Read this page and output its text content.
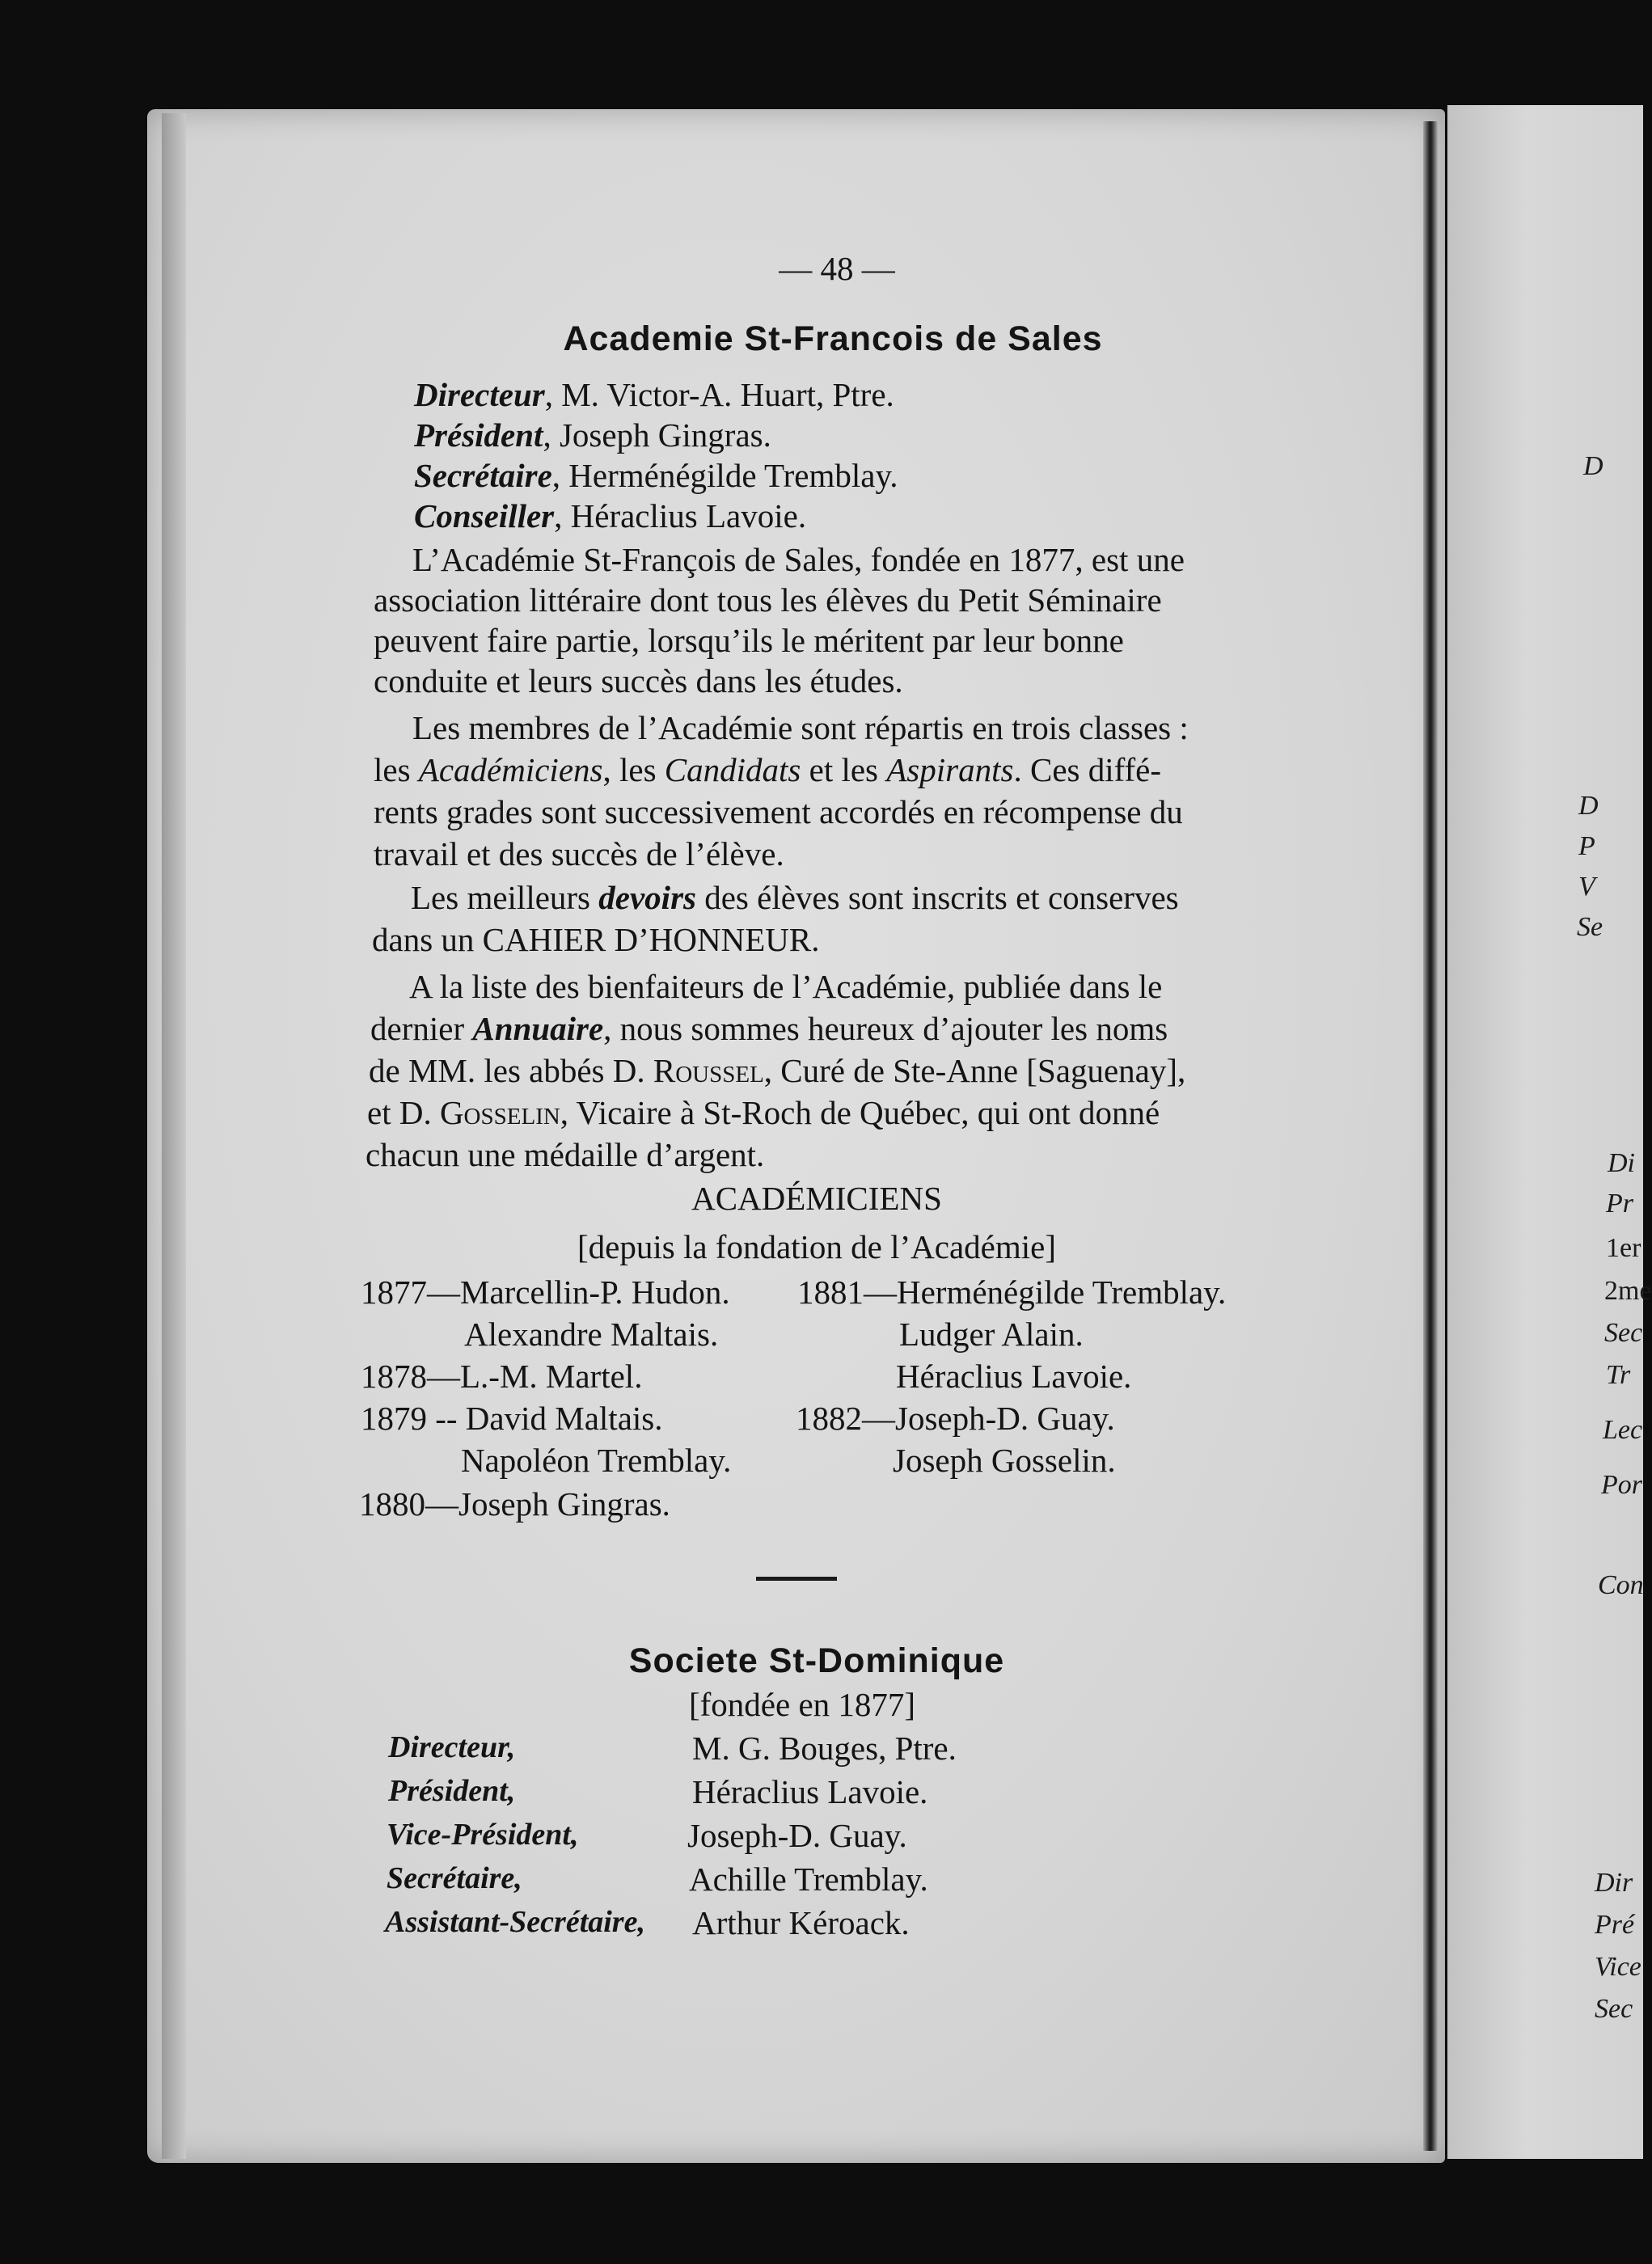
D
D
P
V
Se
Di
Pr
1er
2me
Sec
Tr
Lec
Por
Con
Dir
Pré
Vice
Sec
— 48 —
Academie St-Francois de Sales
Directeur, M. Victor-A. Huart, Ptre.
Président, Joseph Gingras.
Secrétaire, Herménégilde Tremblay.
Conseiller, Héraclius Lavoie.
L’Académie St-François de Sales, fondée en 1877, est une
association littéraire dont tous les élèves du Petit Séminaire
peuvent faire partie, lorsqu’ils le méritent par leur bonne
conduite et leurs succès dans les études.
Les membres de l’Académie sont répartis en trois classes :
les Académiciens, les Candidats et les Aspirants. Ces diffé-
rents grades sont successivement accordés en récompense du
travail et des succès de l’élève.
Les meilleurs devoirs des élèves sont inscrits et conserves
dans un CAHIER D’HONNEUR.
A la liste des bienfaiteurs de l’Académie, publiée dans le
dernier Annuaire, nous sommes heureux d’ajouter les noms
de MM. les abbés D. Roussel, Curé de Ste-Anne [Saguenay],
et D. Gosselin, Vicaire à St-Roch de Québec, qui ont donné
chacun une médaille d’argent.
ACADÉMICIENS
[depuis la fondation de l’Académie]
1877—Marcellin-P. Hudon.
Alexandre Maltais.
1878—L.-M. Martel.
1879 -- David Maltais.
Napoléon Tremblay.
1880—Joseph Gingras.
1881—Herménégilde Tremblay.
Ludger Alain.
Héraclius Lavoie.
1882—Joseph-D. Guay.
Joseph Gosselin.
Societe St-Dominique
[fondée en 1877]
Directeur,	M. G. Bouges, Ptre.
Président,	Héraclius Lavoie.
Vice-Président,	Joseph-D. Guay.
Secrétaire,	Achille Tremblay.
Assistant-Secrétaire, Arthur Kéroack.
